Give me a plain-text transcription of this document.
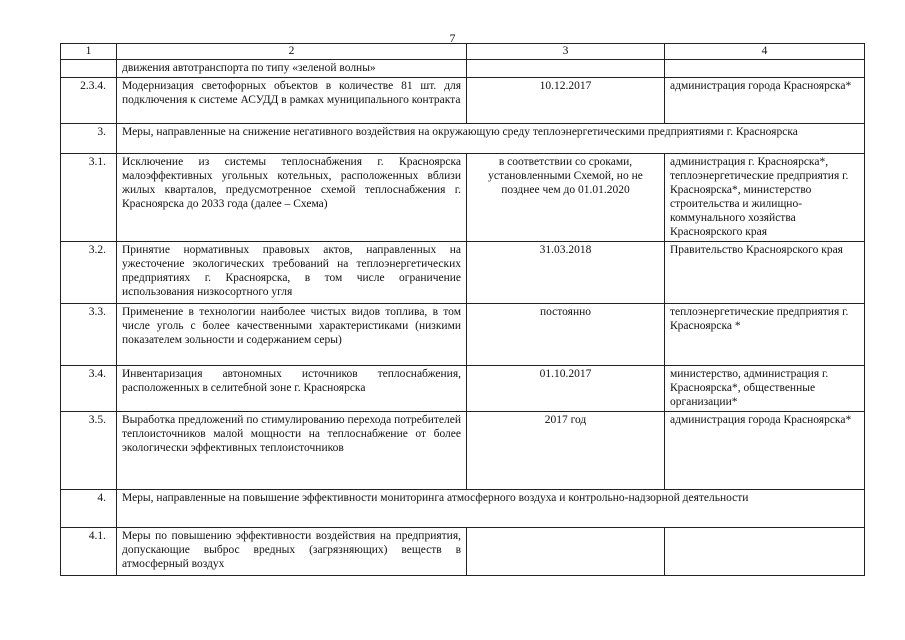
7
1	2	3	4
	движения автотранспорта по типу «зеленой волны»		
2.3.4.	Модернизация светофорных объектов в количестве 81 шт. для подключения к системе АСУДД в рамках муниципального контракта	10.12.2017	администрация города Красноярска*
3.	Меры, направленные на снижение негативного воздействия на окружающую среду теплоэнергетическими предприятиями г. Красноярска		
3.1.	Исключение из системы теплоснабжения г. Красноярска малоэффективных угольных котельных, расположенных вблизи жилых кварталов, предусмотренное схемой теплоснабжения г. Красноярска до 2033 года (далее – Схема)	в соответствии со сроками, установленными Схемой, но не позднее чем до 01.01.2020	администрация г. Красноярска*, теплоэнергетические предприятия г. Красноярска*, министерство строительства и жилищно-коммунального хозяйства Красноярского края
3.2.	Принятие нормативных правовых актов, направленных на ужесточение экологических требований на теплоэнергетических предприятиях г. Красноярска, в том числе ограничение использования низкосортного угля	31.03.2018	Правительство Красноярского края
3.3.	Применение в технологии наиболее чистых видов топлива, в том числе уголь с более качественными характеристиками (низкими показателем зольности и содержанием серы)	постоянно	теплоэнергетические предприятия г. Красноярска *
3.4.	Инвентаризация автономных источников теплоснабжения, расположенных в селитебной зоне г. Красноярска	01.10.2017	министерство, администрация г. Красноярска*, общественные организации*
3.5.	Выработка предложений по стимулированию перехода потребителей теплоисточников малой мощности на теплоснабжение от более экологически эффективных теплоисточников	2017 год	администрация города Красноярска*
4.	Меры, направленные на повышение эффективности мониторинга атмосферного воздуха и контрольно-надзорной деятельности		
4.1.	Меры по повышению эффективности воздействия на предприятия, допускающие выброс вредных (загрязняющих) веществ в атмосферный воздух		
